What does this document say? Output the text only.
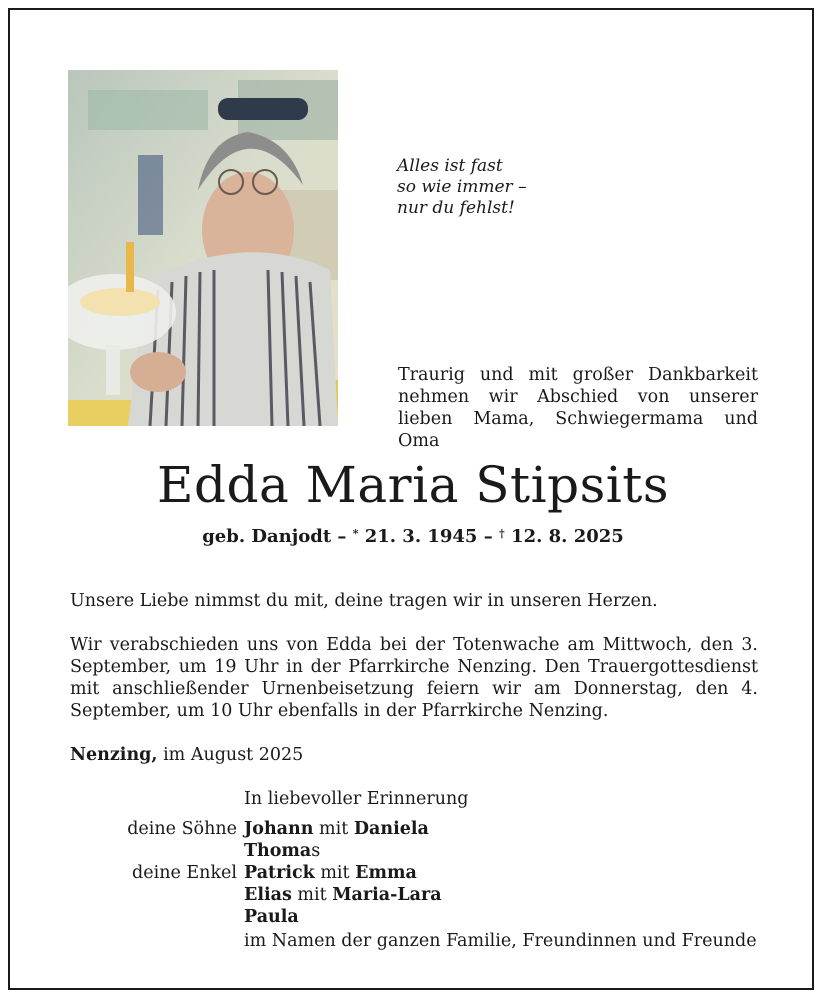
Alles ist fast
so wie immer –
nur du fehlst!
Traurig und mit großer Dankbarkeit nehmen wir Abschied von unserer lieben Mama, Schwiegermama und Oma
Edda Maria Stipsits
geb. Danjodt – * 21. 3. 1945 – † 12. 8. 2025
Unsere Liebe nimmst du mit, deine tragen wir in unseren Herzen.
Wir verabschieden uns von Edda bei der Totenwache am Mittwoch, den 3. September, um 19 Uhr in der Pfarrkirche Nenzing. Den Trauergottesdienst mit anschließender Urnenbeisetzung feiern wir am Donnerstag, den 4. September, um 10 Uhr ebenfalls in der Pfarrkirche Nenzing.
Nenzing, im August 2025
In liebevoller Erinnerung
deine Söhne Johann mit Daniela
Thomas
deine Enkel Patrick mit Emma
Elias mit Maria-Lara
Paula
im Namen der ganzen Familie, Freundinnen und Freunde
